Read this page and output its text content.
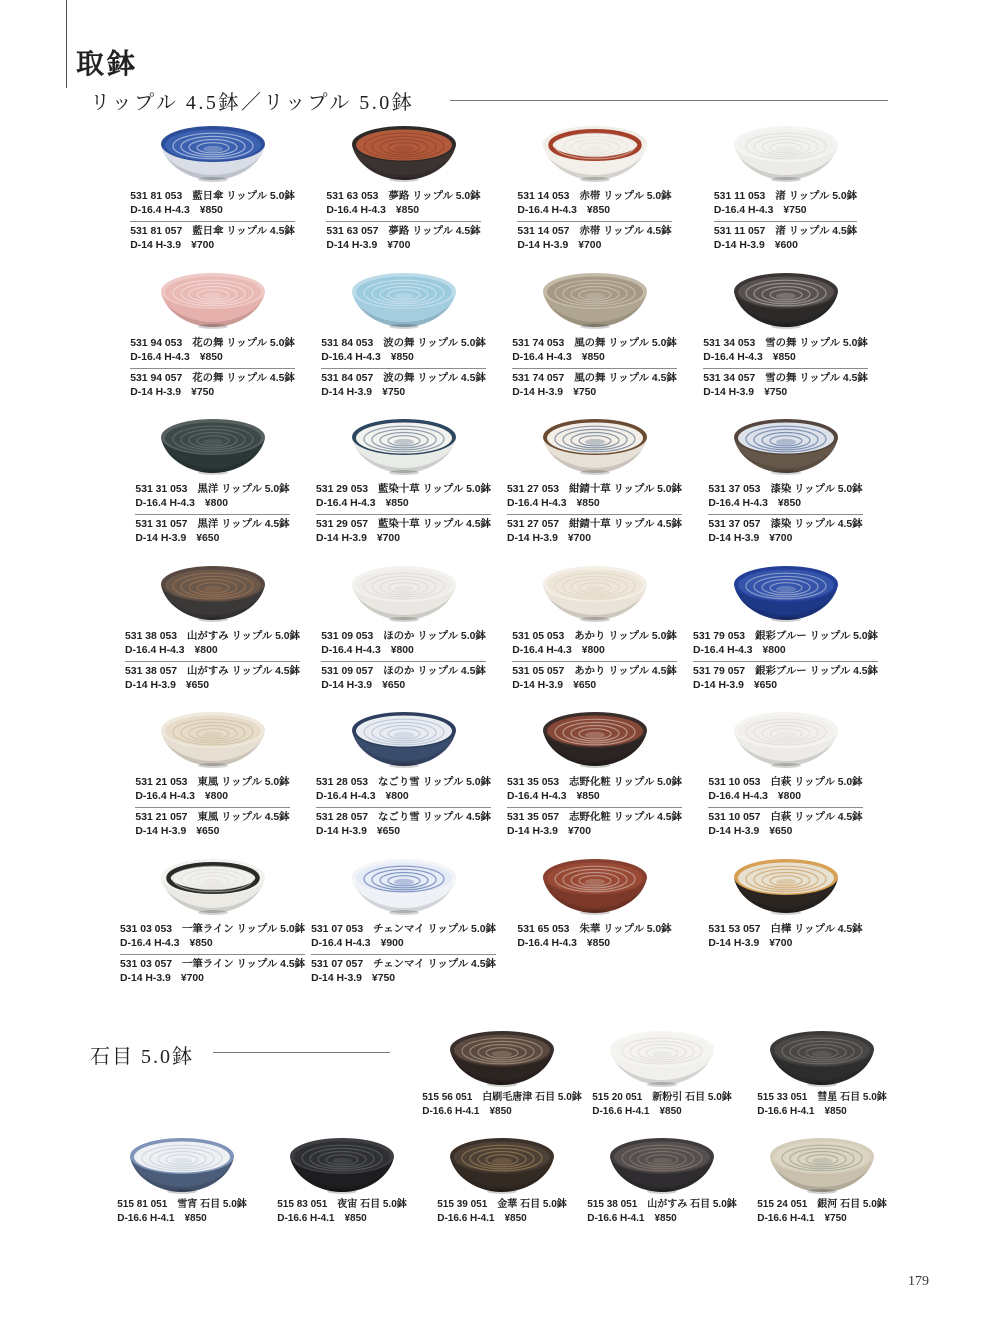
取鉢
リップル 4.5鉢／リップル 5.0鉢
531 81 053 藍日傘 リップル 5.0鉢
D-16.4 H-4.3 ¥850
531 81 057 藍日傘 リップル 4.5鉢
D-14 H-3.9 ¥700
531 63 053 夢路 リップル 5.0鉢
D-16.4 H-4.3 ¥850
531 63 057 夢路 リップル 4.5鉢
D-14 H-3.9 ¥700
531 14 053 赤帯 リップル 5.0鉢
D-16.4 H-4.3 ¥850
531 14 057 赤帯 リップル 4.5鉢
D-14 H-3.9 ¥700
531 11 053 渚 リップル 5.0鉢
D-16.4 H-4.3 ¥750
531 11 057 渚 リップル 4.5鉢
D-14 H-3.9 ¥600
531 94 053 花の舞 リップル 5.0鉢
D-16.4 H-4.3 ¥850
531 94 057 花の舞 リップル 4.5鉢
D-14 H-3.9 ¥750
531 84 053 波の舞 リップル 5.0鉢
D-16.4 H-4.3 ¥850
531 84 057 波の舞 リップル 4.5鉢
D-14 H-3.9 ¥750
531 74 053 風の舞 リップル 5.0鉢
D-16.4 H-4.3 ¥850
531 74 057 風の舞 リップル 4.5鉢
D-14 H-3.9 ¥750
531 34 053 雪の舞 リップル 5.0鉢
D-16.4 H-4.3 ¥850
531 34 057 雪の舞 リップル 4.5鉢
D-14 H-3.9 ¥750
531 31 053 黒洋 リップル 5.0鉢
D-16.4 H-4.3 ¥800
531 31 057 黒洋 リップル 4.5鉢
D-14 H-3.9 ¥650
531 29 053 藍染十草 リップル 5.0鉢
D-16.4 H-4.3 ¥850
531 29 057 藍染十草 リップル 4.5鉢
D-14 H-3.9 ¥700
531 27 053 紺錆十草 リップル 5.0鉢
D-16.4 H-4.3 ¥850
531 27 057 紺錆十草 リップル 4.5鉢
D-14 H-3.9 ¥700
531 37 053 漆染 リップル 5.0鉢
D-16.4 H-4.3 ¥850
531 37 057 漆染 リップル 4.5鉢
D-14 H-3.9 ¥700
531 38 053 山がすみ リップル 5.0鉢
D-16.4 H-4.3 ¥800
531 38 057 山がすみ リップル 4.5鉢
D-14 H-3.9 ¥650
531 09 053 ほのか リップル 5.0鉢
D-16.4 H-4.3 ¥800
531 09 057 ほのか リップル 4.5鉢
D-14 H-3.9 ¥650
531 05 053 あかり リップル 5.0鉢
D-16.4 H-4.3 ¥800
531 05 057 あかり リップル 4.5鉢
D-14 H-3.9 ¥650
531 79 053 銀彩ブルー リップル 5.0鉢
D-16.4 H-4.3 ¥800
531 79 057 銀彩ブルー リップル 4.5鉢
D-14 H-3.9 ¥650
531 21 053 東風 リップル 5.0鉢
D-16.4 H-4.3 ¥800
531 21 057 東風 リップル 4.5鉢
D-14 H-3.9 ¥650
531 28 053 なごり雪 リップル 5.0鉢
D-16.4 H-4.3 ¥800
531 28 057 なごり雪 リップル 4.5鉢
D-14 H-3.9 ¥650
531 35 053 志野化粧 リップル 5.0鉢
D-16.4 H-4.3 ¥850
531 35 057 志野化粧 リップル 4.5鉢
D-14 H-3.9 ¥700
531 10 053 白萩 リップル 5.0鉢
D-16.4 H-4.3 ¥800
531 10 057 白萩 リップル 4.5鉢
D-14 H-3.9 ¥650
531 03 053 一筆ライン リップル 5.0鉢
D-16.4 H-4.3 ¥850
531 03 057 一筆ライン リップル 4.5鉢
D-14 H-3.9 ¥700
531 07 053 チェンマイ リップル 5.0鉢
D-16.4 H-4.3 ¥900
531 07 057 チェンマイ リップル 4.5鉢
D-14 H-3.9 ¥750
531 65 053 朱華 リップル 5.0鉢
D-16.4 H-4.3 ¥850
531 53 057 白樺 リップル 4.5鉢
D-14 H-3.9 ¥700
石目 5.0鉢
515 56 051 白刷毛唐津 石目 5.0鉢
D-16.6 H-4.1 ¥850
515 20 051 新粉引 石目 5.0鉢
D-16.6 H-4.1 ¥850
515 33 051 彗星 石目 5.0鉢
D-16.6 H-4.1 ¥850
515 81 051 雪宵 石目 5.0鉢
D-16.6 H-4.1 ¥850
515 83 051 夜宙 石目 5.0鉢
D-16.6 H-4.1 ¥850
515 39 051 金華 石目 5.0鉢
D-16.6 H-4.1 ¥850
515 38 051 山がすみ 石目 5.0鉢
D-16.6 H-4.1 ¥850
515 24 051 銀河 石目 5.0鉢
D-16.6 H-4.1 ¥750
179
